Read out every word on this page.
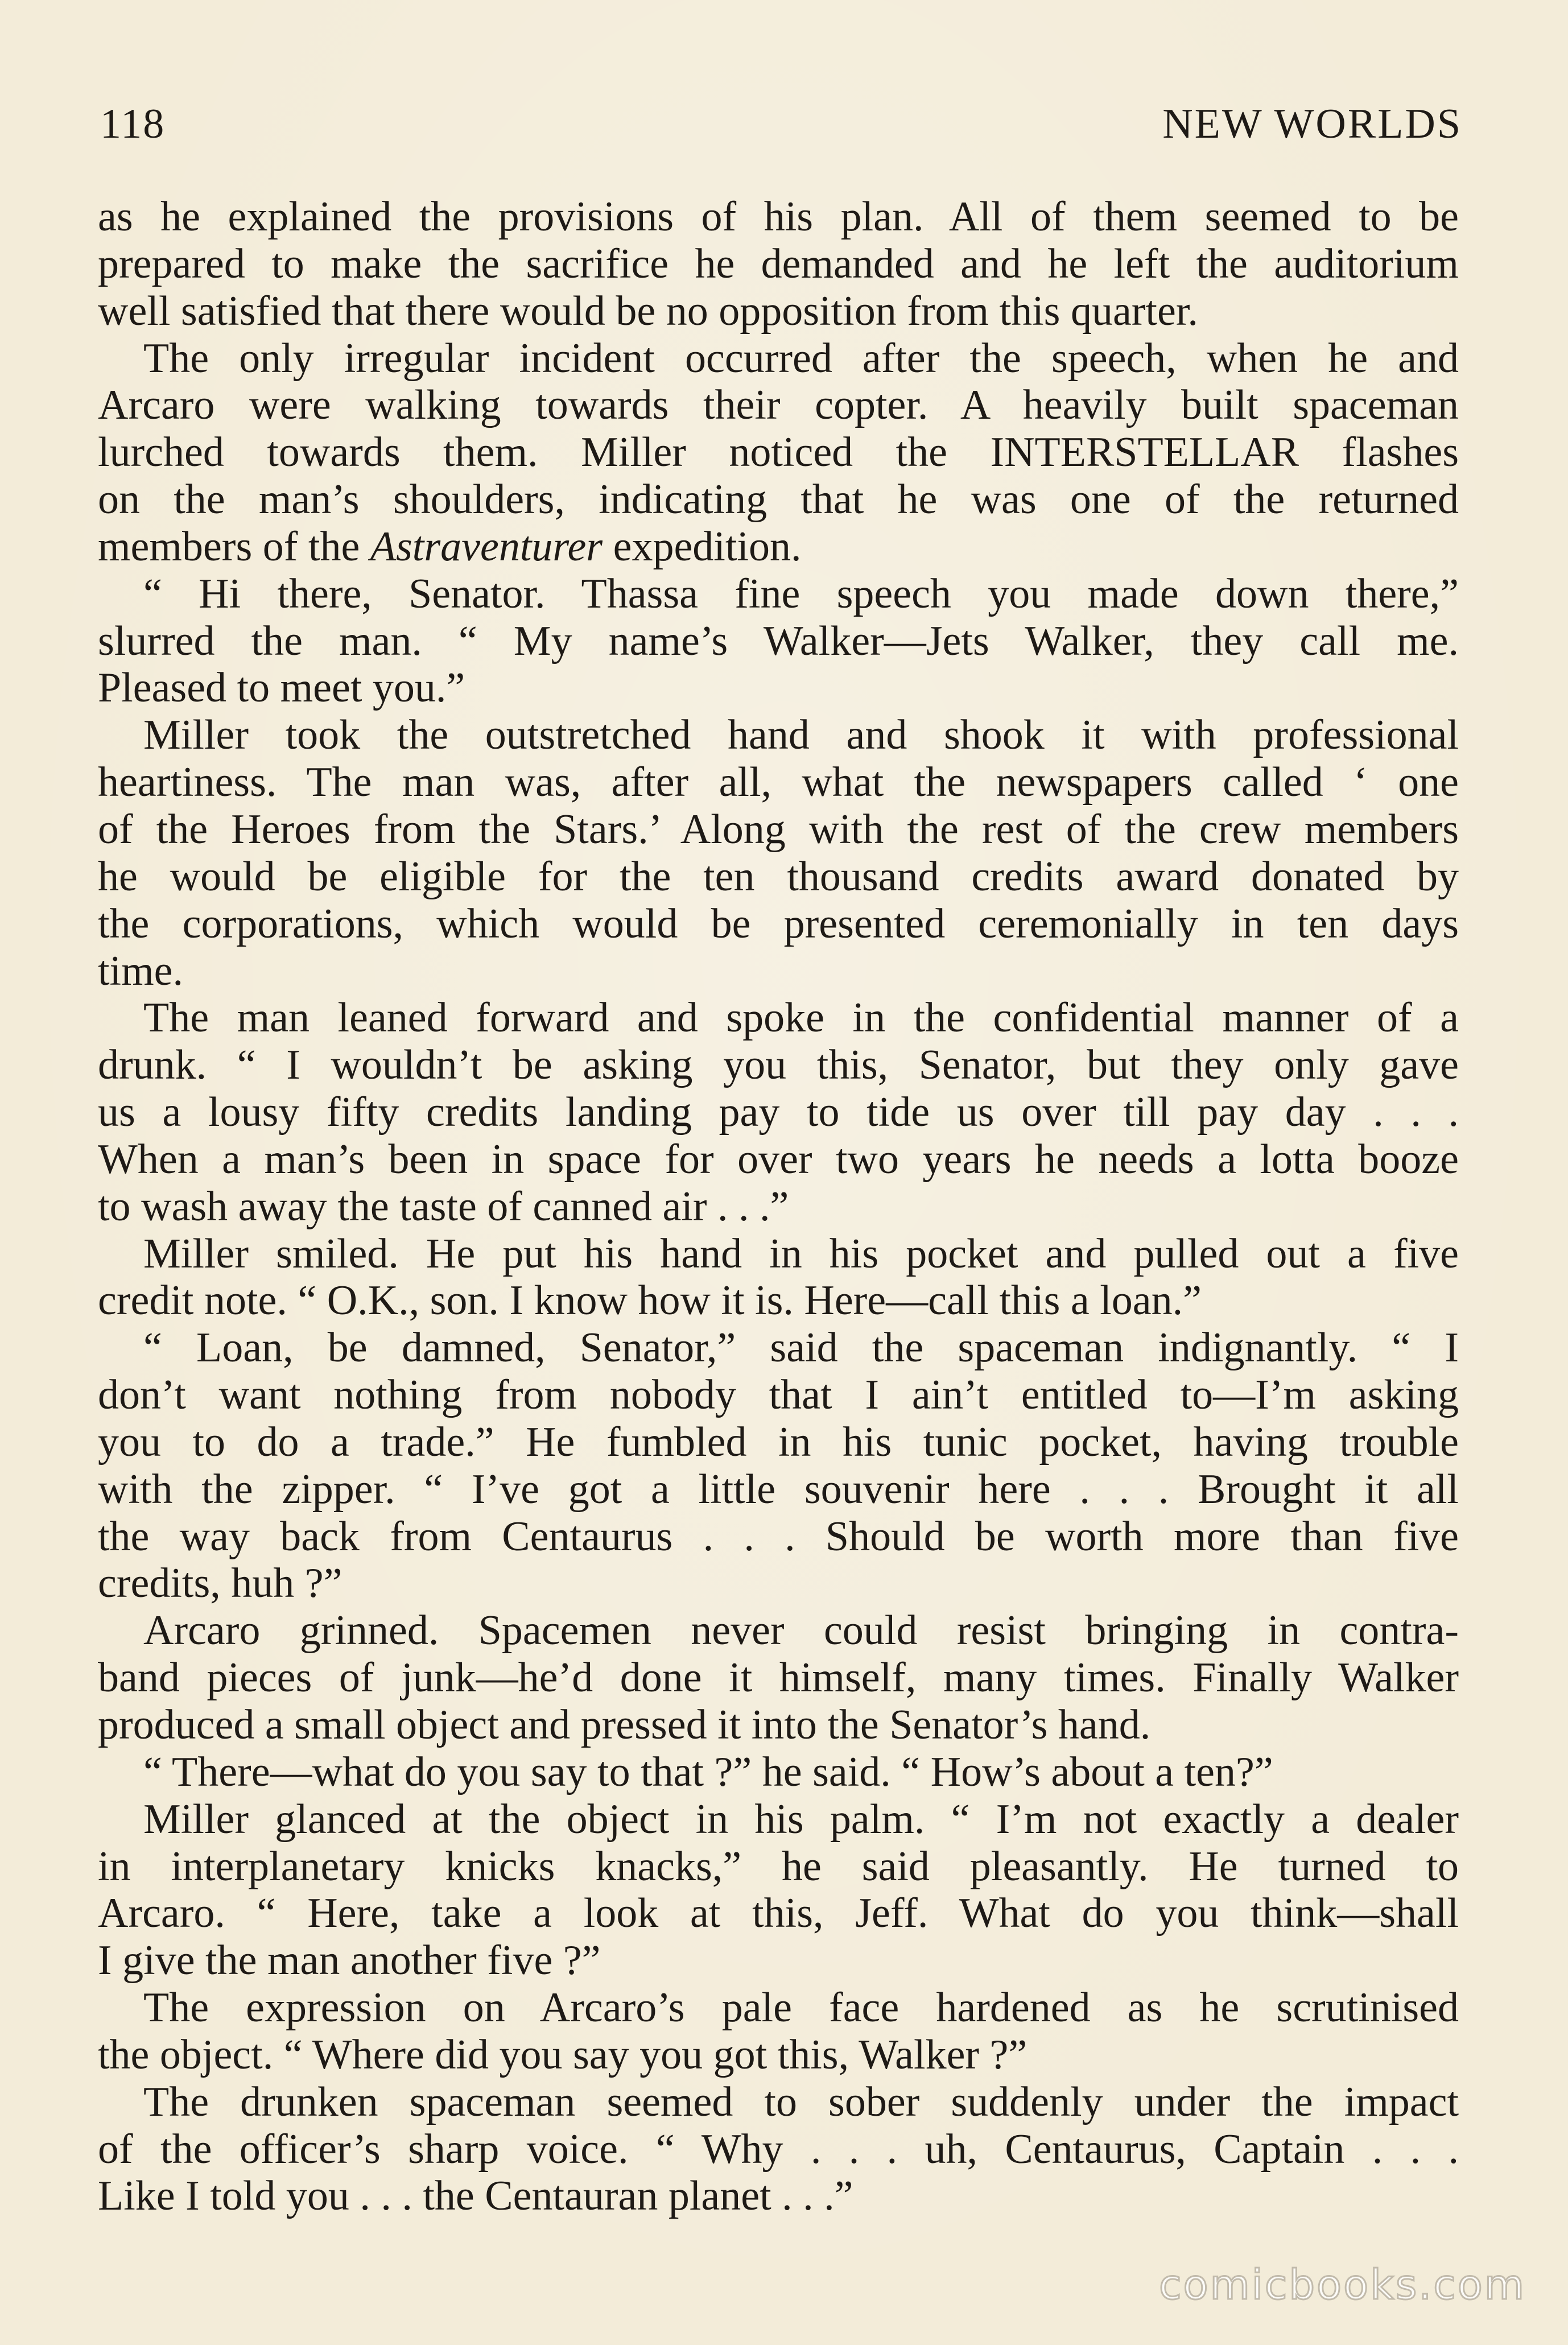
118	NEW WORLDS
as he explained the provisions of his plan. All of them seemed to be
prepared to make the sacrifice he demanded and he left the auditorium
well satisfied that there would be no opposition from this quarter.
The only irregular incident occurred after the speech, when he and
Arcaro were walking towards their copter. A heavily built spaceman
lurched towards them. Miller noticed the INTERSTELLAR flashes
on the man’s shoulders, indicating that he was one of the returned
members of the Astraventurer expedition.
“ Hi there, Senator. Thassa fine speech you made down there,”
slurred the man. “ My name’s Walker—Jets Walker, they call me.
Pleased to meet you.”
Miller took the outstretched hand and shook it with professional
heartiness. The man was, after all, what the newspapers called ‘ one
of the Heroes from the Stars.’ Along with the rest of the crew members
he would be eligible for the ten thousand credits award donated by
the corporations, which would be presented ceremonially in ten days
time.
The man leaned forward and spoke in the confidential manner of a
drunk. “ I wouldn’t be asking you this, Senator, but they only gave
us a lousy fifty credits landing pay to tide us over till pay day . . .
When a man’s been in space for over two years he needs a lotta booze
to wash away the taste of canned air . . .”
Miller smiled. He put his hand in his pocket and pulled out a five
credit note. “ O.K., son. I know how it is. Here—call this a loan.”
“ Loan, be damned, Senator,” said the spaceman indignantly. “ I
don’t want nothing from nobody that I ain’t entitled to—I’m asking
you to do a trade.” He fumbled in his tunic pocket, having trouble
with the zipper. “ I’ve got a little souvenir here . . . Brought it all
the way back from Centaurus . . . Should be worth more than five
credits, huh ?”
Arcaro grinned. Spacemen never could resist bringing in contra-
band pieces of junk—he’d done it himself, many times. Finally Walker
produced a small object and pressed it into the Senator’s hand.
“ There—what do you say to that ?” he said. “ How’s about a ten?”
Miller glanced at the object in his palm. “ I’m not exactly a dealer
in interplanetary knicks knacks,” he said pleasantly. He turned to
Arcaro. “ Here, take a look at this, Jeff. What do you think—shall
I give the man another five ?”
The expression on Arcaro’s pale face hardened as he scrutinised
the object. “ Where did you say you got this, Walker ?”
The drunken spaceman seemed to sober suddenly under the impact
of the officer’s sharp voice. “ Why . . . uh, Centaurus, Captain . . .
Like I told you . . . the Centauran planet . . .”
comicbooks.com
